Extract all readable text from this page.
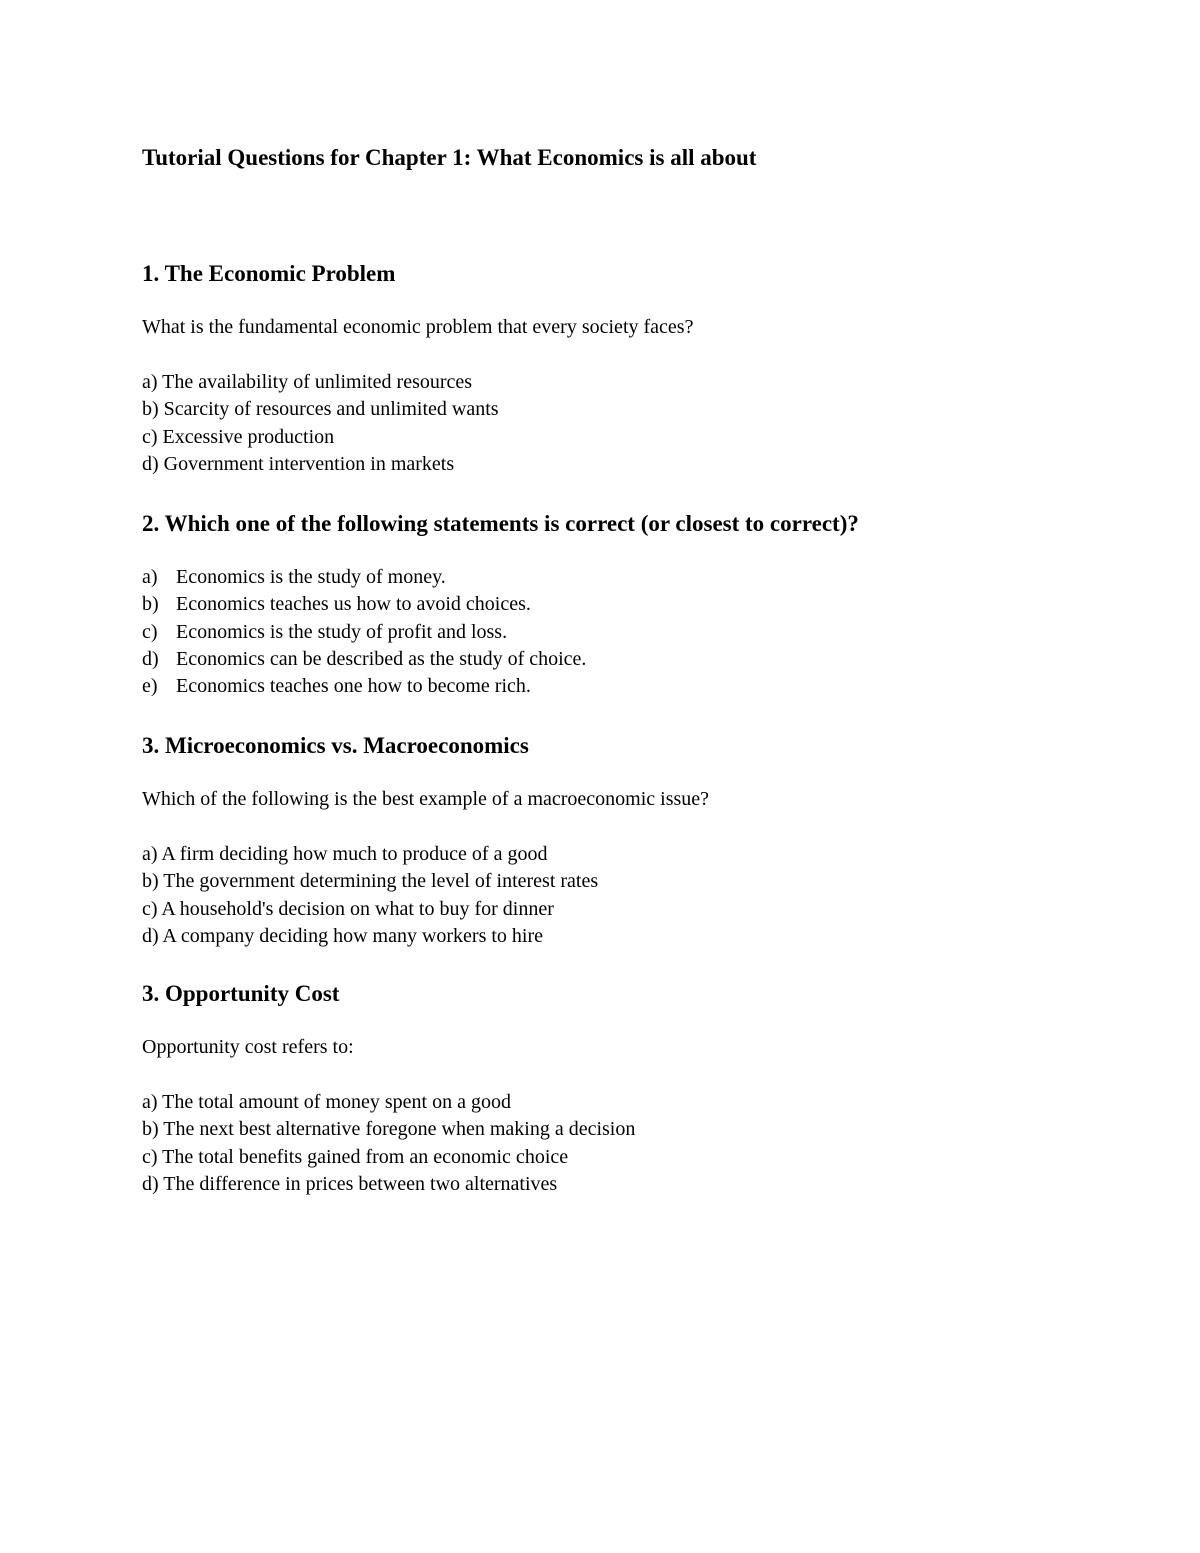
Tutorial Questions for Chapter 1: What Economics is all about
1. The Economic Problem

What is the fundamental economic problem that every society faces?

a) The availability of unlimited resources
b) Scarcity of resources and unlimited wants
c) Excessive production
d) Government intervention in markets
2. Which one of the following statements is correct (or closest to correct)?
a) Economics is the study of money.
b) Economics teaches us how to avoid choices.
c) Economics is the study of profit and loss.
d) Economics can be described as the study of choice.
e) Economics teaches one how to become rich.
3. Microeconomics vs. Macroeconomics

Which of the following is the best example of a macroeconomic issue?

a) A firm deciding how much to produce of a good
b) The government determining the level of interest rates
c) A household's decision on what to buy for dinner
d) A company deciding how many workers to hire
3. Opportunity Cost

Opportunity cost refers to:

a) The total amount of money spent on a good
b) The next best alternative foregone when making a decision
c) The total benefits gained from an economic choice
d) The difference in prices between two alternatives
